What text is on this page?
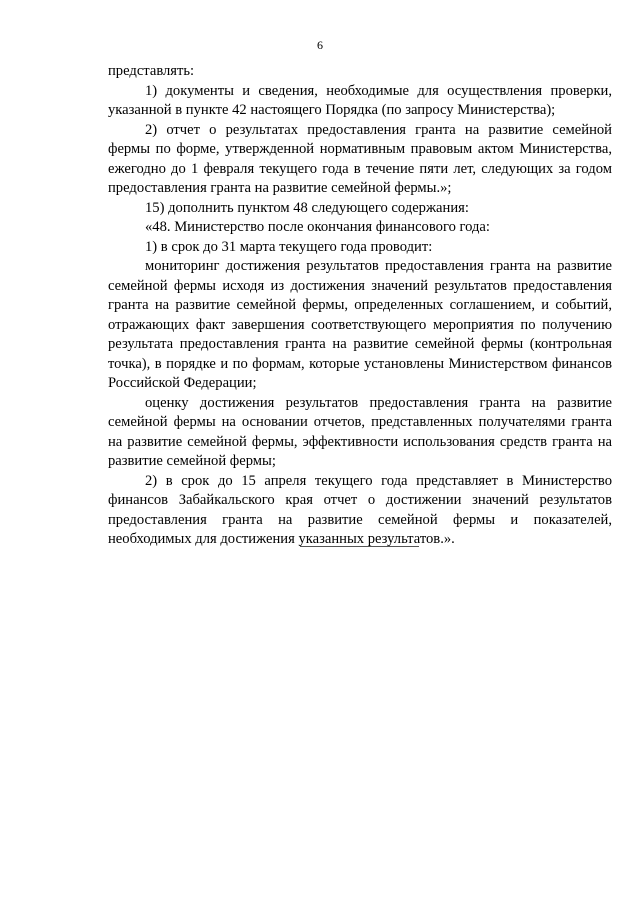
6

представлять:

1) документы и сведения, необходимые для осуществления проверки, указанной в пункте 42 настоящего Порядка (по запросу Министерства);

2) отчет о результатах предоставления гранта на развитие семейной фермы по форме, утвержденной нормативным правовым актом Министерства, ежегодно до 1 февраля текущего года в течение пяти лет, следующих за годом предоставления гранта на развитие семейной фермы.»;

15) дополнить пунктом 48 следующего содержания:

«48. Министерство после окончания финансового года:

1) в срок до 31 марта текущего года проводит:

мониторинг достижения результатов предоставления гранта на развитие семейной фермы исходя из достижения значений результатов предоставления гранта на развитие семейной фермы, определенных соглашением, и событий, отражающих факт завершения соответствующего мероприятия по получению результата предоставления гранта на развитие семейной фермы (контрольная точка), в порядке и по формам, которые установлены Министерством финансов Российской Федерации;

оценку достижения результатов предоставления гранта на развитие семейной фермы на основании отчетов, представленных получателями гранта на развитие семейной фермы, эффективности использования средств гранта на развитие семейной фермы;

2) в срок до 15 апреля текущего года представляет в Министерство финансов Забайкальского края отчет о достижении значений результатов предоставления гранта на развитие семейной фермы и показателей, необходимых для достижения указанных результатов.».
